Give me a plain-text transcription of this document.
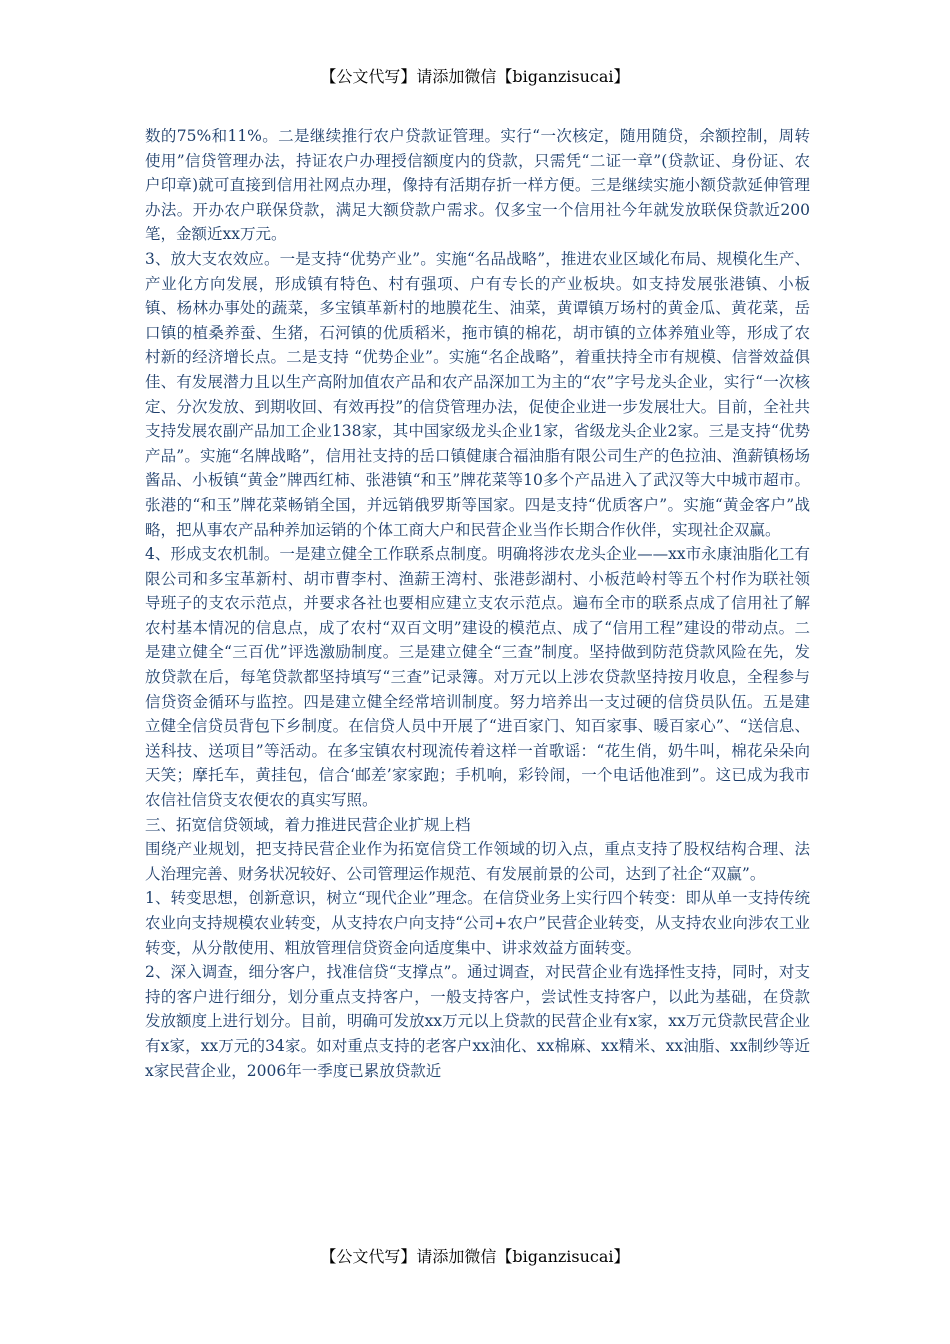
【公文代写】请添加微信【biganzisucai】

数的75%和11%。二是继续推行农户贷款证管理。实行“一次核定，随用随贷，余额控制，周转使用”信贷管理办法，持证农户办理授信额度内的贷款，只需凭“二证一章”(贷款证、身份证、农户印章)就可直接到信用社网点办理，像持有活期存折一样方便。三是继续实施小额贷款延伸管理办法。开办农户联保贷款，满足大额贷款户需求。仅多宝一个信用社今年就发放联保贷款近200笔，金额近xx万元。

3、放大支农效应。一是支持“优势产业”。实施“名品战略”，推进农业区域化布局、规模化生产、产业化方向发展，形成镇有特色、村有强项、户有专长的产业板块。如支持发展张港镇、小板镇、杨林办事处的蔬菜，多宝镇革新村的地膜花生、油菜，黄谭镇万场村的黄金瓜、黄花菜，岳口镇的植桑养蚕、生猪，石河镇的优质稻米，拖市镇的棉花，胡市镇的立体养殖业等，形成了农村新的经济增长点。二是支持 “优势企业”。实施“名企战略”，着重扶持全市有规模、信誉效益俱佳、有发展潜力且以生产高附加值农产品和农产品深加工为主的“农”字号龙头企业，实行“一次核定、分次发放、到期收回、有效再投”的信贷管理办法，促使企业进一步发展壮大。目前，全社共支持发展农副产品加工企业138家，其中国家级龙头企业1家，省级龙头企业2家。三是支持“优势产品”。实施“名牌战略”，信用社支持的岳口镇健康合福油脂有限公司生产的色拉油、渔薪镇杨场酱品、小板镇“黄金”牌西红柿、张港镇“和玉”牌花菜等10多个产品进入了武汉等大中城市超市。张港的“和玉”牌花菜畅销全国，并远销俄罗斯等国家。四是支持“优质客户”。实施“黄金客户”战略，把从事农产品种养加运销的个体工商大户和民营企业当作长期合作伙伴，实现社企双赢。

4、形成支农机制。一是建立健全工作联系点制度。明确将涉农龙头企业——xx市永康油脂化工有限公司和多宝革新村、胡市曹李村、渔薪王湾村、张港彭湖村、小板范岭村等五个村作为联社领导班子的支农示范点，并要求各社也要相应建立支农示范点。遍布全市的联系点成了信用社了解农村基本情况的信息点，成了农村“双百文明”建设的模范点、成了“信用工程”建设的带动点。二是建立健全“三百优”评选激励制度。三是建立健全“三查”制度。坚持做到防范贷款风险在先，发放贷款在后，每笔贷款都坚持填写“三查”记录簿。对万元以上涉农贷款坚持按月收息，全程参与信贷资金循环与监控。四是建立健全经常培训制度。努力培养出一支过硬的信贷员队伍。五是建立健全信贷员背包下乡制度。在信贷人员中开展了“进百家门、知百家事、暖百家心”、“送信息、送科技、送项目”等活动。在多宝镇农村现流传着这样一首歌谣：“花生俏，奶牛叫，棉花朵朵向天笑；摩托车，黄挂包，信合‘邮差’家家跑；手机响，彩铃闹，一个电话他准到”。这已成为我市农信社信贷支农便农的真实写照。

三、拓宽信贷领域，着力推进民营企业扩规上档

围绕产业规划，把支持民营企业作为拓宽信贷工作领域的切入点，重点支持了股权结构合理、法人治理完善、财务状况较好、公司管理运作规范、有发展前景的公司，达到了社企“双赢”。

1、转变思想，创新意识，树立“现代企业”理念。在信贷业务上实行四个转变：即从单一支持传统农业向支持规模农业转变，从支持农户向支持“公司+农户”民营企业转变，从支持农业向涉农工业转变，从分散使用、粗放管理信贷资金向适度集中、讲求效益方面转变。

2、深入调查，细分客户，找准信贷“支撑点”。通过调查，对民营企业有选择性支持，同时，对支持的客户进行细分，划分重点支持客户，一般支持客户，尝试性支持客户，以此为基础，在贷款发放额度上进行划分。目前，明确可发放xx万元以上贷款的民营企业有x家，xx万元贷款民营企业有x家，xx万元的34家。如对重点支持的老客户xx油化、xx棉麻、xx精米、xx油脂、xx制纱等近x家民营企业，2006年一季度已累放贷款近

【公文代写】请添加微信【biganzisucai】
